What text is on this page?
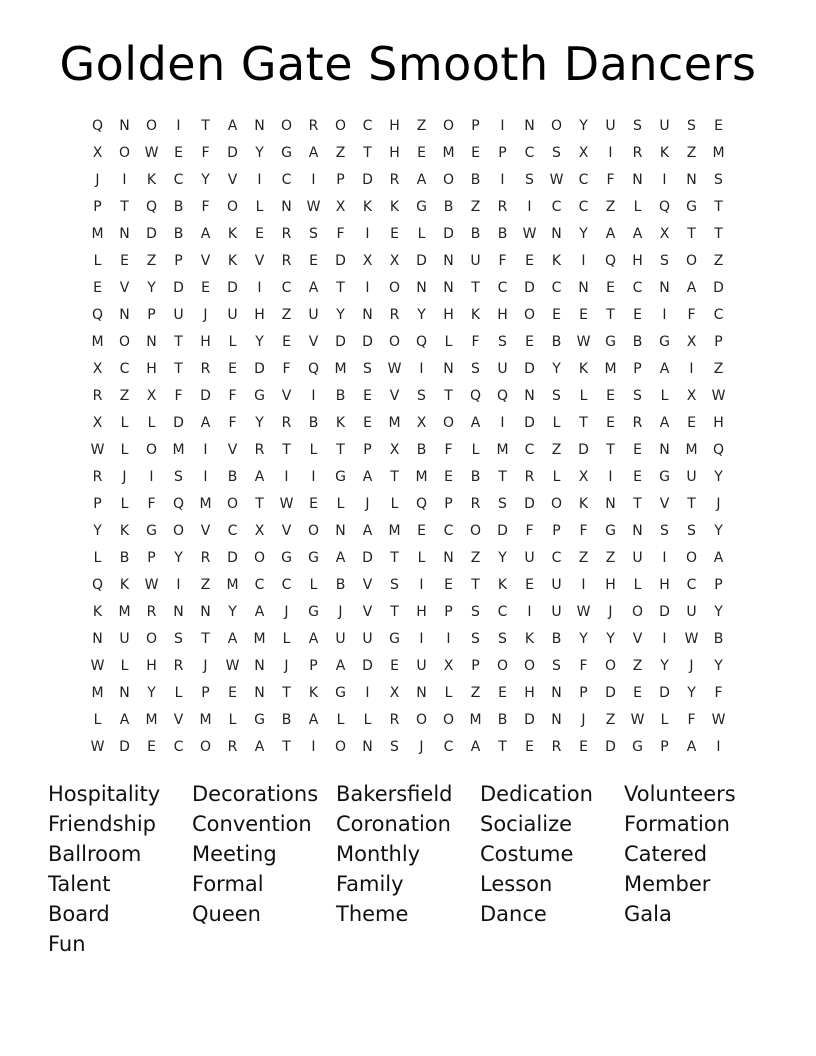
Golden Gate Smooth Dancers
Q	N	O	I	T	A	N	O	R	O	C	H	Z	O	P	I	N	O	Y	U	S	U	S	E
X	O	W	E	F	D	Y	G	A	Z	T	H	E	M	E	P	C	S	X	I	R	K	Z	M
J	I	K	C	Y	V	I	C	I	P	D	R	A	O	B	I	S	W	C	F	N	I	N	S
P	T	Q	B	F	O	L	N	W	X	K	K	G	B	Z	R	I	C	C	Z	L	Q	G	T
M	N	D	B	A	K	E	R	S	F	I	E	L	D	B	B	W	N	Y	A	A	X	T	T
L	E	Z	P	V	K	V	R	E	D	X	X	D	N	U	F	E	K	I	Q	H	S	O	Z
E	V	Y	D	E	D	I	C	A	T	I	O	N	N	T	C	D	C	N	E	C	N	A	D
Q	N	P	U	J	U	H	Z	U	Y	N	R	Y	H	K	H	O	E	E	T	E	I	F	C
M	O	N	T	H	L	Y	E	V	D	D	O	Q	L	F	S	E	B	W	G	B	G	X	P
X	C	H	T	R	E	D	F	Q	M	S	W	I	N	S	U	D	Y	K	M	P	A	I	Z
R	Z	X	F	D	F	G	V	I	B	E	V	S	T	Q	Q	N	S	L	E	S	L	X	W
X	L	L	D	A	F	Y	R	B	K	E	M	X	O	A	I	D	L	T	E	R	A	E	H
W	L	O	M	I	V	R	T	L	T	P	X	B	F	L	M	C	Z	D	T	E	N	M	Q
R	J	I	S	I	B	A	I	I	G	A	T	M	E	B	T	R	L	X	I	E	G	U	Y
P	L	F	Q	M	O	T	W	E	L	J	L	Q	P	R	S	D	O	K	N	T	V	T	J
Y	K	G	O	V	C	X	V	O	N	A	M	E	C	O	D	F	P	F	G	N	S	S	Y
L	B	P	Y	R	D	O	G	G	A	D	T	L	N	Z	Y	U	C	Z	Z	U	I	O	A
Q	K	W	I	Z	M	C	C	L	B	V	S	I	E	T	K	E	U	I	H	L	H	C	P
K	M	R	N	N	Y	A	J	G	J	V	T	H	P	S	C	I	U	W	J	O	D	U	Y
N	U	O	S	T	A	M	L	A	U	U	G	I	I	S	S	K	B	Y	Y	V	I	W	B
W	L	H	R	J	W	N	J	P	A	D	E	U	X	P	O	O	S	F	O	Z	Y	J	Y
M	N	Y	L	P	E	N	T	K	G	I	X	N	L	Z	E	H	N	P	D	E	D	Y	F
L	A	M	V	M	L	G	B	A	L	L	R	O	O	M	B	D	N	J	Z	W	L	F	W
W	D	E	C	O	R	A	T	I	O	N	S	J	C	A	T	E	R	E	D	G	P	A	I
Hospitality	Decorations Bakersfield	Dedication	Volunteers
Friendship	Convention	Coronation	Socialize	Formation
Ballroom	Meeting	Monthly	Costume	Catered
Talent	Formal	Family	Lesson	Member
Board	Queen	Theme	Dance	Gala
Fun
